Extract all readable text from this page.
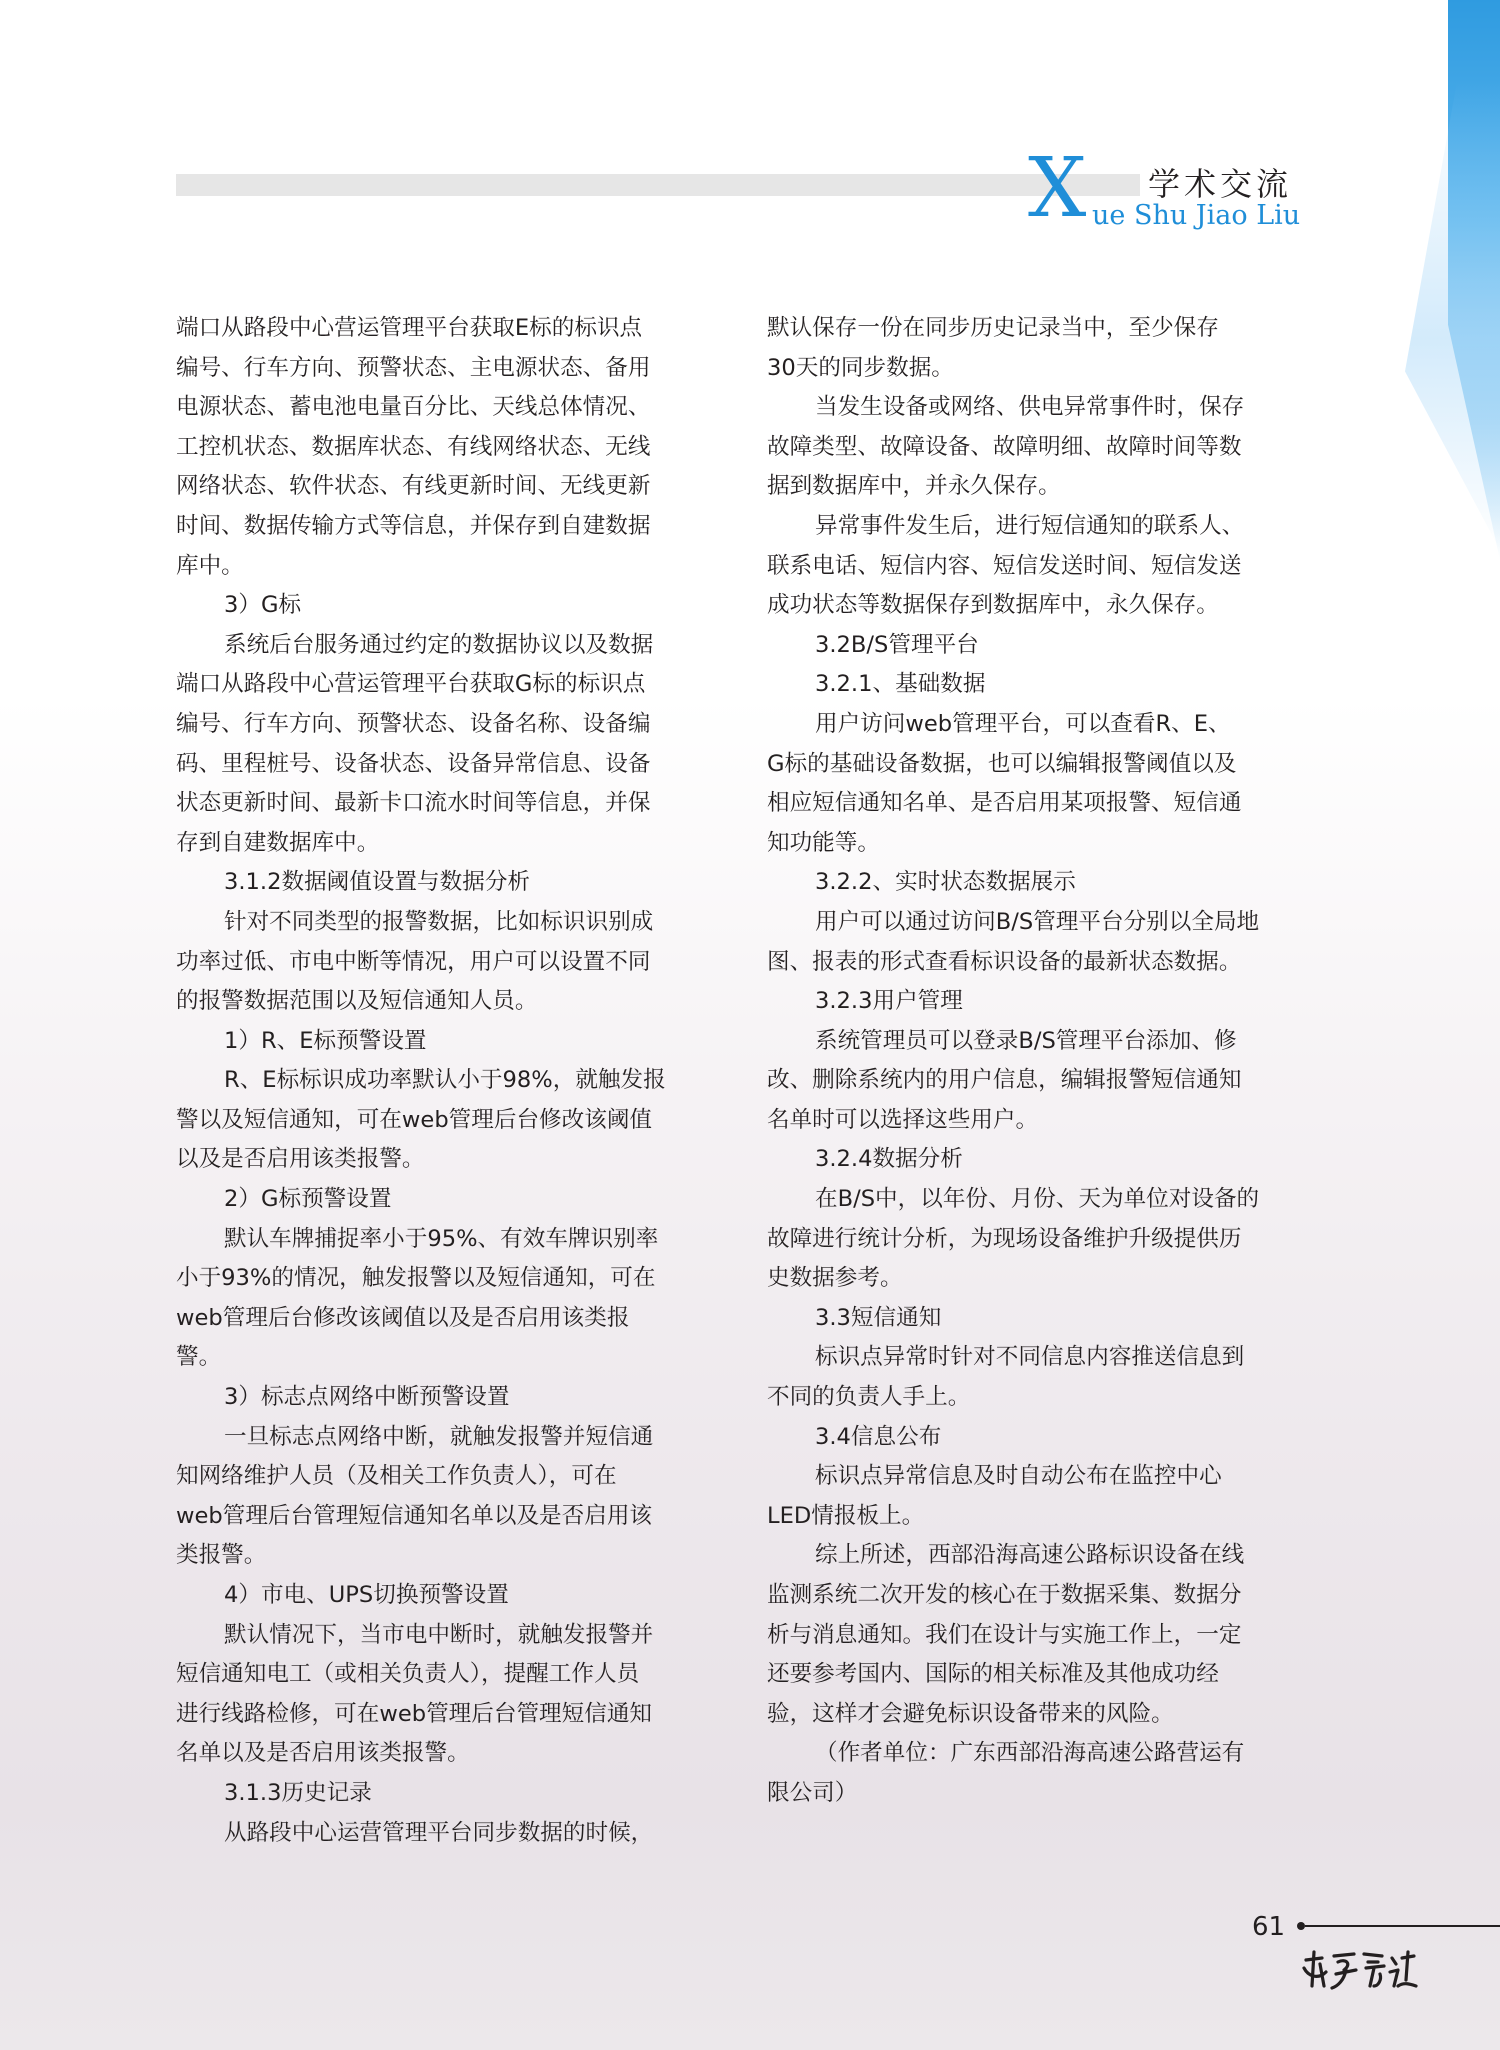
X 学术交流
ue Shu Jiao Liu
端口从路段中心营运管理平台获取E标的标识点
编号、行车方向、预警状态、主电源状态、备用
电源状态、蓄电池电量百分比、天线总体情况、
工控机状态、数据库状态、有线网络状态、无线
网络状态、软件状态、有线更新时间、无线更新
时间、数据传输方式等信息，并保存到自建数据
库中。
3）G标
系统后台服务通过约定的数据协议以及数据
端口从路段中心营运管理平台获取G标的标识点
编号、行车方向、预警状态、设备名称、设备编
码、里程桩号、设备状态、设备异常信息、设备
状态更新时间、最新卡口流水时间等信息，并保
存到自建数据库中。
3.1.2数据阈值设置与数据分析
针对不同类型的报警数据，比如标识识别成
功率过低、市电中断等情况，用户可以设置不同
的报警数据范围以及短信通知人员。
1）R、E标预警设置
R、E标标识成功率默认小于98%，就触发报
警以及短信通知，可在web管理后台修改该阈值
以及是否启用该类报警。
2）G标预警设置
默认车牌捕捉率小于95%、有效车牌识别率
小于93%的情况，触发报警以及短信通知，可在
web管理后台修改该阈值以及是否启用该类报
警。
3）标志点网络中断预警设置
一旦标志点网络中断，就触发报警并短信通
知网络维护人员（及相关工作负责人），可在
web管理后台管理短信通知名单以及是否启用该
类报警。
4）市电、UPS切换预警设置
默认情况下，当市电中断时，就触发报警并
短信通知电工（或相关负责人），提醒工作人员
进行线路检修，可在web管理后台管理短信通知
名单以及是否启用该类报警。
3.1.3历史记录
从路段中心运营管理平台同步数据的时候，
默认保存一份在同步历史记录当中，至少保存
30天的同步数据。
当发生设备或网络、供电异常事件时，保存
故障类型、故障设备、故障明细、故障时间等数
据到数据库中，并永久保存。
异常事件发生后，进行短信通知的联系人、
联系电话、短信内容、短信发送时间、短信发送
成功状态等数据保存到数据库中，永久保存。
3.2B/S管理平台
3.2.1、基础数据
用户访问web管理平台，可以查看R、E、
G标的基础设备数据，也可以编辑报警阈值以及
相应短信通知名单、是否启用某项报警、短信通
知功能等。
3.2.2、实时状态数据展示
用户可以通过访问B/S管理平台分别以全局地
图、报表的形式查看标识设备的最新状态数据。
3.2.3用户管理
系统管理员可以登录B/S管理平台添加、修
改、删除系统内的用户信息，编辑报警短信通知
名单时可以选择这些用户。
3.2.4数据分析
在B/S中，以年份、月份、天为单位对设备的
故障进行统计分析，为现场设备维护升级提供历
史数据参考。
3.3短信通知
标识点异常时针对不同信息内容推送信息到
不同的负责人手上。
3.4信息公布
标识点异常信息及时自动公布在监控中心
LED情报板上。
综上所述，西部沿海高速公路标识设备在线
监测系统二次开发的核心在于数据采集、数据分
析与消息通知。我们在设计与实施工作上，一定
还要参考国内、国际的相关标准及其他成功经
验，这样才会避免标识设备带来的风险。
（作者单位：广东西部沿海高速公路营运有
限公司）
61
